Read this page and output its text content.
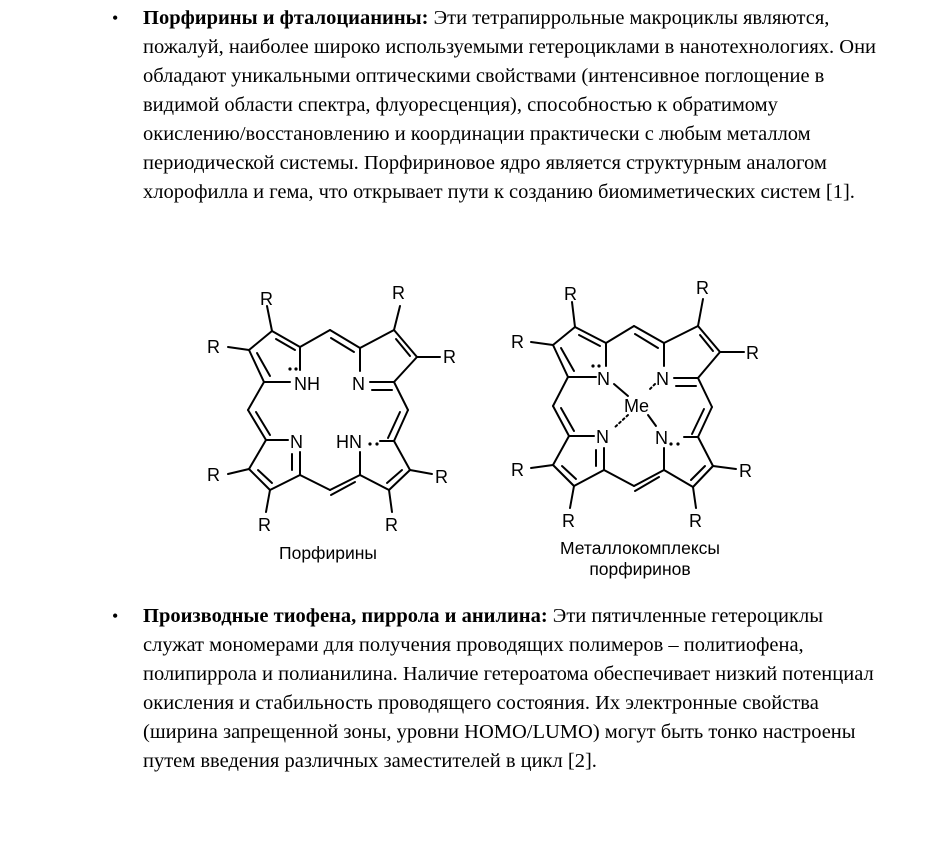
• Порфирины и фталоцианины: Эти тетрапиррольные макроциклы являются, пожалуй, наиболее широко используемыми гетероциклами в нанотехнологиях. Они обладают уникальными оптическими свойствами (интенсивное поглощение в видимой области спектра, флуоресценция), способностью к обратимому окислению/восстановлению и координации практически с любым металлом периодической системы. Порфириновое ядро является структурным аналогом хлорофилла и гема, что открывает пути к созданию биомиметических систем [1].
R
R
R
R
R
R
R
R
NH N
N HN
R
R
R
R
R
R
R
R
N	N
N	N
Me
Порфирины	Металлокомплексы
порфиринов
• Производные тиофена, пиррола и анилина: Эти пятичленные гетероциклы служат мономерами для получения проводящих полимеров – политиофена, полипиррола и полианилина. Наличие гетероатома обеспечивает низкий потенциал окисления и стабильность проводящего состояния. Их электронные свойства (ширина запрещенной зоны, уровни HOMO/LUMO) могут быть тонко настроены путем введения различных заместителей в цикл [2].
